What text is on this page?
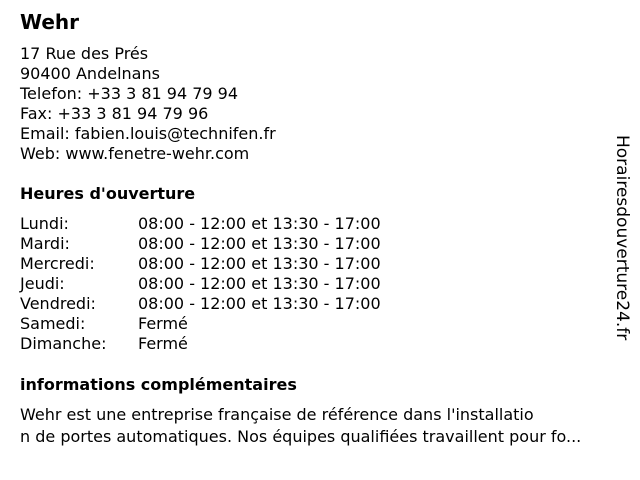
Wehr
17 Rue des Prés
90400 Andelnans
Telefon: +33 3 81 94 79 94
Fax: +33 3 81 94 79 96
Email: fabien.louis@technifen.fr
Web: www.fenetre-wehr.com
Heures d'ouverture
Lundi:	08:00 - 12:00 et 13:30 - 17:00
Mardi:	08:00 - 12:00 et 13:30 - 17:00
Mercredi:	08:00 - 12:00 et 13:30 - 17:00
Jeudi:	08:00 - 12:00 et 13:30 - 17:00
Vendredi:	08:00 - 12:00 et 13:30 - 17:00
Samedi:	Fermé
Dimanche: Fermé
informations complémentaires
Wehr est une entreprise française de référence dans l'installatio
n de portes automatiques. Nos équipes qualifiées travaillent pour fo...
Horairesdouverture24.fr
